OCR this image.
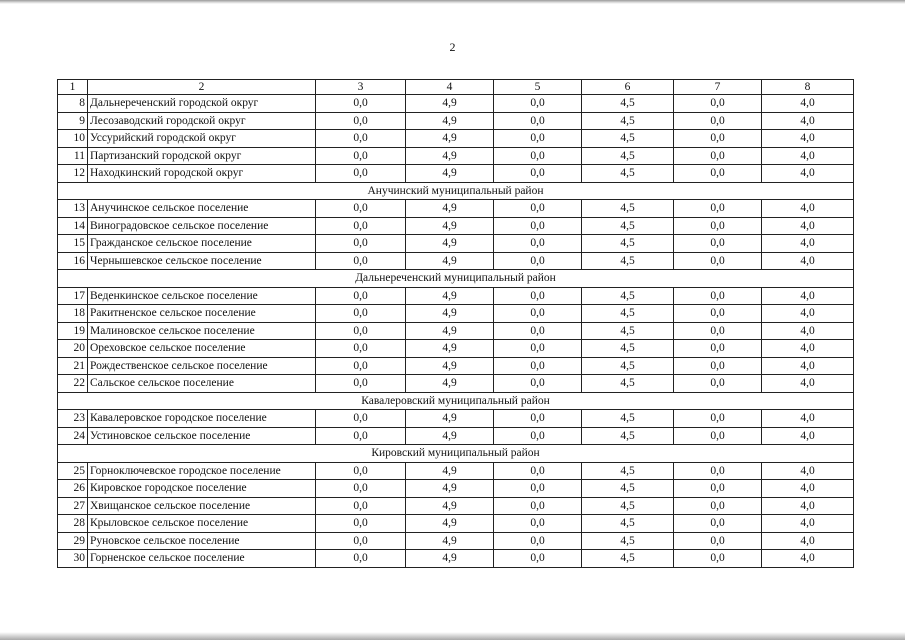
2
1	2	3	4	5	6	7	8
8	Дальнереченский городской округ	0,0	4,9	0,0	4,5	0,0	4,0
9	Лесозаводский городской округ	0,0	4,9	0,0	4,5	0,0	4,0
10	Уссурийский городской округ	0,0	4,9	0,0	4,5	0,0	4,0
11	Партизанский городской округ	0,0	4,9	0,0	4,5	0,0	4,0
12	Находкинский городской округ	0,0	4,9	0,0	4,5	0,0	4,0
Анучинский муниципальный район							
13	Анучинское сельское поселение	0,0	4,9	0,0	4,5	0,0	4,0
14	Виноградовское сельское поселение	0,0	4,9	0,0	4,5	0,0	4,0
15	Гражданское сельское поселение	0,0	4,9	0,0	4,5	0,0	4,0
16	Чернышевское сельское поселение	0,0	4,9	0,0	4,5	0,0	4,0
Дальнереченский муниципальный район							
17	Веденкинское сельское поселение	0,0	4,9	0,0	4,5	0,0	4,0
18	Ракитненское сельское поселение	0,0	4,9	0,0	4,5	0,0	4,0
19	Малиновское сельское поселение	0,0	4,9	0,0	4,5	0,0	4,0
20	Ореховское сельское поселение	0,0	4,9	0,0	4,5	0,0	4,0
21	Рождественское сельское поселение	0,0	4,9	0,0	4,5	0,0	4,0
22	Сальское сельское поселение	0,0	4,9	0,0	4,5	0,0	4,0
Кавалеровский муниципальный район							
23	Кавалеровское городское поселение	0,0	4,9	0,0	4,5	0,0	4,0
24	Устиновское сельское поселение	0,0	4,9	0,0	4,5	0,0	4,0
Кировский муниципальный район							
25	Горноключевское городское поселение	0,0	4,9	0,0	4,5	0,0	4,0
26	Кировское городское поселение	0,0	4,9	0,0	4,5	0,0	4,0
27	Хвищанское сельское поселение	0,0	4,9	0,0	4,5	0,0	4,0
28	Крыловское сельское поселение	0,0	4,9	0,0	4,5	0,0	4,0
29	Руновское сельское поселение	0,0	4,9	0,0	4,5	0,0	4,0
30	Горненское сельское поселение	0,0	4,9	0,0	4,5	0,0	4,0
